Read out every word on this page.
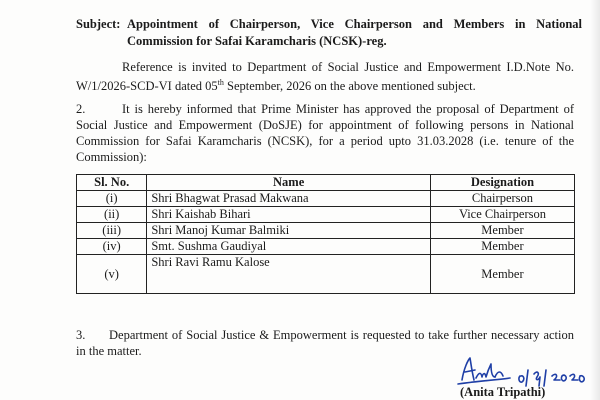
Subject: Appointment of Chairperson, Vice Chairperson and Members in National Commission for Safai Karamcharis (NCSK)-reg.
Reference is invited to Department of Social Justice and Empowerment I.D.Note No. W/1/2026-SCD-VI dated 05th September, 2026 on the above mentioned subject.
2.	It is hereby informed that Prime Minister has approved the proposal of Department of Social Justice and Empowerment (DoSJE) for appointment of following persons in National Commission for Safai Karamcharis (NCSK), for a period upto 31.03.2028 (i.e. tenure of the Commission):
Sl. No.	Name	Designation
(i)	Shri Bhagwat Prasad Makwana	Chairperson
(ii)	Shri Kaishab Bihari	Vice Chairperson
(iii)	Shri Manoj Kumar Balmiki	Member
(iv)	Smt. Sushma Gaudiyal	Member
(v)	Shri Ravi Ramu Kalose	Member
3. Department of Social Justice & Empowerment is requested to take further necessary action in the matter.
(Anita Tripathi)
